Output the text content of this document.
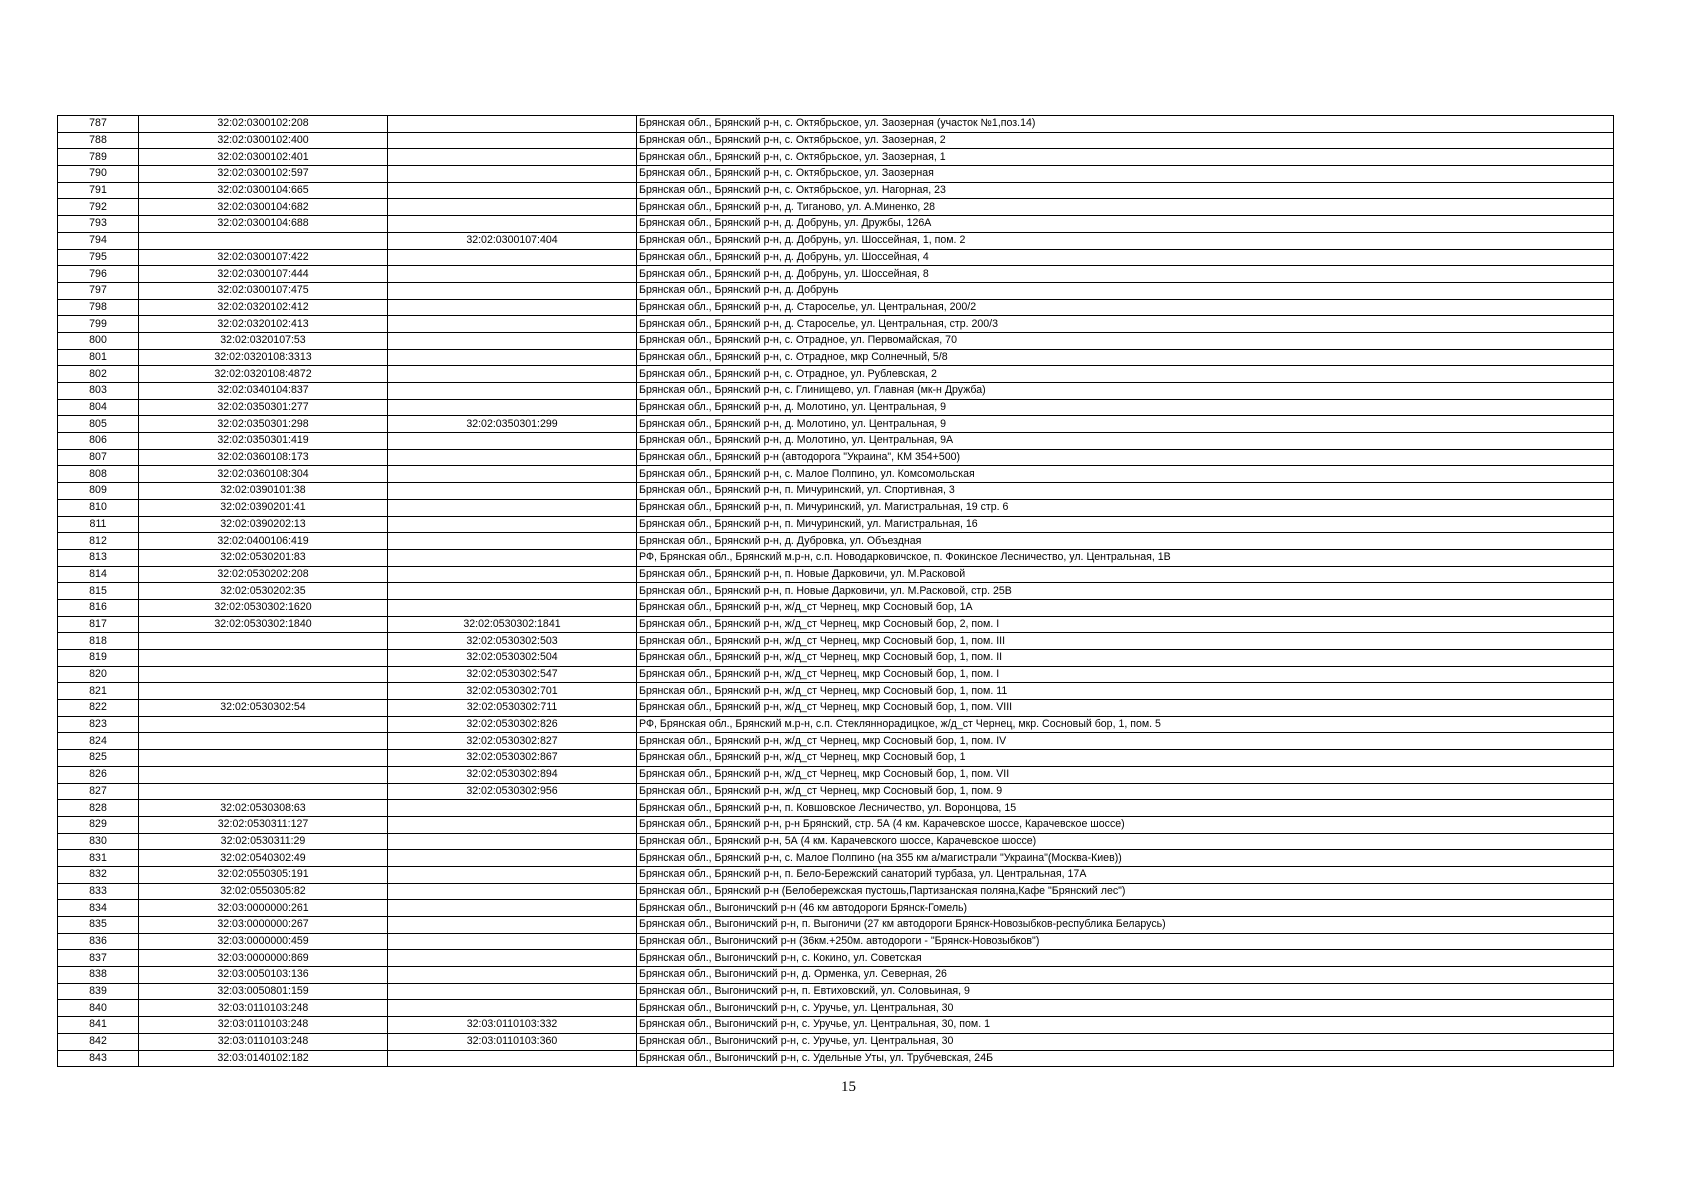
787	32:02:0300102:208		Брянская обл., Брянский р-н, с. Октябрьское, ул. Заозерная (участок №1,поз.14)
788	32:02:0300102:400		Брянская обл., Брянский р-н, с. Октябрьское, ул. Заозерная, 2
789	32:02:0300102:401		Брянская обл., Брянский р-н, с. Октябрьское, ул. Заозерная, 1
790	32:02:0300102:597		Брянская обл., Брянский р-н, с. Октябрьское, ул. Заозерная
791	32:02:0300104:665		Брянская обл., Брянский р-н, с. Октябрьское, ул. Нагорная, 23
792	32:02:0300104:682		Брянская обл., Брянский р-н, д. Тиганово, ул. А.Миненко, 28
793	32:02:0300104:688		Брянская обл., Брянский р-н, д. Добрунь, ул. Дружбы, 126А
794		32:02:0300107:404	Брянская обл., Брянский р-н, д. Добрунь, ул. Шоссейная, 1, пом. 2
795	32:02:0300107:422		Брянская обл., Брянский р-н, д. Добрунь, ул. Шоссейная, 4
796	32:02:0300107:444		Брянская обл., Брянский р-н, д. Добрунь, ул. Шоссейная, 8
797	32:02:0300107:475		Брянская обл., Брянский р-н, д. Добрунь
798	32:02:0320102:412		Брянская обл., Брянский р-н, д. Староселье, ул. Центральная, 200/2
799	32:02:0320102:413		Брянская обл., Брянский р-н, д. Староселье, ул. Центральная, стр. 200/3
800	32:02:0320107:53		Брянская обл., Брянский р-н, с. Отрадное, ул. Первомайская, 70
801	32:02:0320108:3313		Брянская обл., Брянский р-н, с. Отрадное, мкр Солнечный, 5/8
802	32:02:0320108:4872		Брянская обл., Брянский р-н, с. Отрадное, ул. Рублевская, 2
803	32:02:0340104:837		Брянская обл., Брянский р-н, с. Глинищево, ул. Главная (мк-н Дружба)
804	32:02:0350301:277		Брянская обл., Брянский р-н, д. Молотино, ул. Центральная, 9
805	32:02:0350301:298	32:02:0350301:299	Брянская обл., Брянский р-н, д. Молотино, ул. Центральная, 9
806	32:02:0350301:419		Брянская обл., Брянский р-н, д. Молотино, ул. Центральная, 9А
807	32:02:0360108:173		Брянская обл., Брянский р-н (автодорога "Украина", КМ 354+500)
808	32:02:0360108:304		Брянская обл., Брянский р-н, с. Малое Полпино, ул. Комсомольская
809	32:02:0390101:38		Брянская обл., Брянский р-н, п. Мичуринский, ул. Спортивная, 3
810	32:02:0390201:41		Брянская обл., Брянский р-н, п. Мичуринский, ул. Магистральная, 19 стр. 6
811	32:02:0390202:13		Брянская обл., Брянский р-н, п. Мичуринский, ул. Магистральная, 16
812	32:02:0400106:419		Брянская обл., Брянский р-н, д. Дубровка, ул. Объездная
813	32:02:0530201:83		РФ, Брянская обл., Брянский м.р-н, с.п. Новодарковичское, п. Фокинское Лесничество, ул. Центральная, 1В
814	32:02:0530202:208		Брянская обл., Брянский р-н, п. Новые Дарковичи, ул. М.Расковой
815	32:02:0530202:35		Брянская обл., Брянский р-н, п. Новые Дарковичи, ул. М.Расковой, стр. 25В
816	32:02:0530302:1620		Брянская обл., Брянский р-н, ж/д_ст Чернец, мкр Сосновый бор, 1А
817	32:02:0530302:1840	32:02:0530302:1841	Брянская обл., Брянский р-н, ж/д_ст Чернец, мкр Сосновый бор, 2, пом. I
818		32:02:0530302:503	Брянская обл., Брянский р-н, ж/д_ст Чернец, мкр Сосновый бор, 1, пом. III
819		32:02:0530302:504	Брянская обл., Брянский р-н, ж/д_ст Чернец, мкр Сосновый бор, 1, пом. II
820		32:02:0530302:547	Брянская обл., Брянский р-н, ж/д_ст Чернец, мкр Сосновый бор, 1, пом. I
821		32:02:0530302:701	Брянская обл., Брянский р-н, ж/д_ст Чернец, мкр Сосновый бор, 1, пом. 11
822	32:02:0530302:54	32:02:0530302:711	Брянская обл., Брянский р-н, ж/д_ст Чернец, мкр Сосновый бор, 1, пом. VIII
823		32:02:0530302:826	РФ, Брянская обл., Брянский м.р-н, с.п. Стекляннорадицкое, ж/д_ст Чернец, мкр. Сосновый бор, 1, пом. 5
824		32:02:0530302:827	Брянская обл., Брянский р-н, ж/д_ст Чернец, мкр Сосновый бор, 1, пом. IV
825		32:02:0530302:867	Брянская обл., Брянский р-н, ж/д_ст Чернец, мкр Сосновый бор, 1
826		32:02:0530302:894	Брянская обл., Брянский р-н, ж/д_ст Чернец, мкр Сосновый бор, 1, пом. VII
827		32:02:0530302:956	Брянская обл., Брянский р-н, ж/д_ст Чернец, мкр Сосновый бор, 1, пом. 9
828	32:02:0530308:63		Брянская обл., Брянский р-н, п. Ковшовское Лесничество, ул. Воронцова, 15
829	32:02:0530311:127		Брянская обл., Брянский р-н, р-н Брянский, стр. 5А (4 км. Карачевское шоссе, Карачевское шоссе)
830	32:02:0530311:29		Брянская обл., Брянский р-н, 5А (4 км. Карачевского шоссе, Карачевское шоссе)
831	32:02:0540302:49		Брянская обл., Брянский р-н, с. Малое Полпино (на 355 км а/магистрали "Украина"(Москва-Киев))
832	32:02:0550305:191		Брянская обл., Брянский р-н, п. Бело-Бережский санаторий турбаза, ул. Центральная, 17А
833	32:02:0550305:82		Брянская обл., Брянский р-н (Белобережская пустошь,Партизанская поляна,Кафе "Брянский лес")
834	32:03:0000000:261		Брянская обл., Выгоничский р-н (46 км автодороги Брянск-Гомель)
835	32:03:0000000:267		Брянская обл., Выгоничский р-н, п. Выгоничи (27 км автодороги Брянск-Новозыбков-республика Беларусь)
836	32:03:0000000:459		Брянская обл., Выгоничский р-н (36км.+250м. автодороги - "Брянск-Новозыбков")
837	32:03:0000000:869		Брянская обл., Выгоничский р-н, с. Кокино, ул. Советская
838	32:03:0050103:136		Брянская обл., Выгоничский р-н, д. Орменка, ул. Северная, 26
839	32:03:0050801:159		Брянская обл., Выгоничский р-н, п. Евтиховский, ул. Соловьиная, 9
840	32:03:0110103:248		Брянская обл., Выгоничский р-н, с. Уручье, ул. Центральная, 30
841	32:03:0110103:248	32:03:0110103:332	Брянская обл., Выгоничский р-н, с. Уручье, ул. Центральная, 30, пом. 1
842	32:03:0110103:248	32:03:0110103:360	Брянская обл., Выгоничский р-н, с. Уручье, ул. Центральная, 30
843	32:03:0140102:182		Брянская обл., Выгоничский р-н, с. Удельные Уты, ул. Трубчевская, 24Б
15
